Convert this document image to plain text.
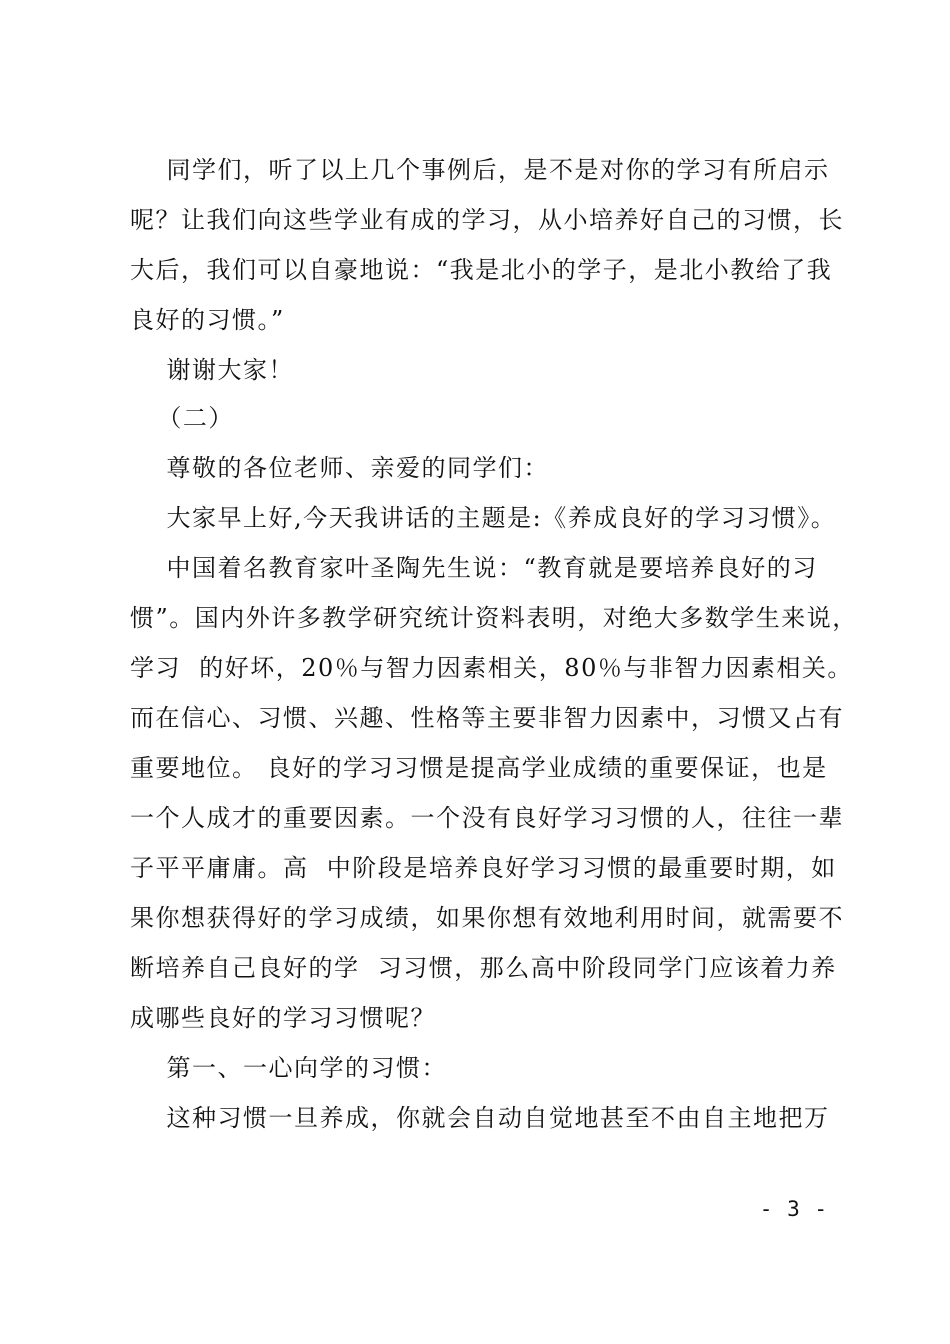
同学们，听了以上几个事例后，是不是对你的学习有所启示
呢？让我们向这些学业有成的学习，从小培养好自己的习惯，长
大后，我们可以自豪地说：“我是北小的学子，是北小教给了我
良好的习惯。”
谢谢大家！
（二）
尊敬的各位老师、亲爱的同学们：
大家早上好,今天我讲话的主题是:《养成良好的学习习惯》。
中国着名教育家叶圣陶先生说：“教育就是要培养良好的习
惯”。国内外许多教学研究统计资料表明，对绝大多数学生来说，
学习  的好坏，20％与智力因素相关，80％与非智力因素相关。
而在信心、习惯、兴趣、性格等主要非智力因素中，习惯又占有
重要地位。 良好的学习习惯是提高学业成绩的重要保证，也是
一个人成才的重要因素。一个没有良好学习习惯的人，往往一辈
子平平庸庸。高  中阶段是培养良好学习习惯的最重要时期，如
果你想获得好的学习成绩，如果你想有效地利用时间，就需要不
断培养自己良好的学  习习惯，那么高中阶段同学门应该着力养
成哪些良好的学习习惯呢？
第一、一心向学的习惯：
这种习惯一旦养成，你就会自动自觉地甚至不由自主地把万
- 3 -
